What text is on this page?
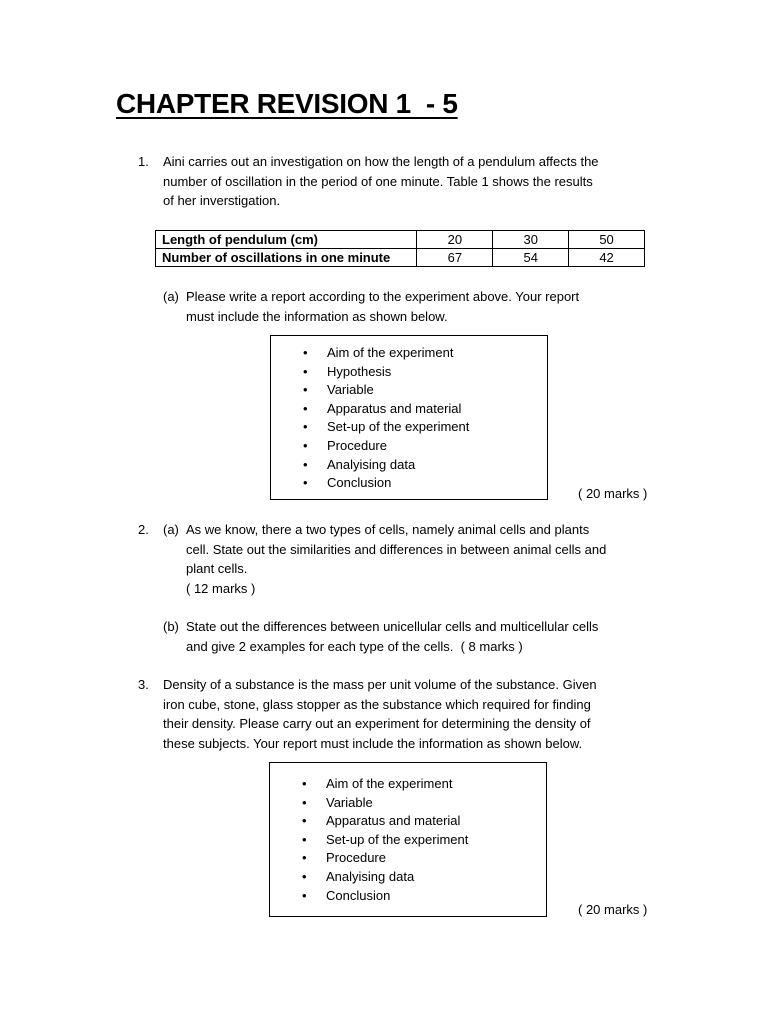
CHAPTER REVISION 1  - 5
1. Aini carries out an investigation on how the length of a pendulum affects the
number of oscillation in the period of one minute. Table 1 shows the results
of her inverstigation.
Length of pendulum (cm)	20	30	50
Number of oscillations in one minute	67	54	42
(a) Please write a report according to the experiment above. Your report
must include the information as shown below.
• Aim of the experiment
• Hypothesis
• Variable
• Apparatus and material
• Set-up of the experiment
• Procedure
• Analyising data
• Conclusion
( 20 marks )
2. (a) As we know, there a two types of cells, namely animal cells and plants
cell. State out the similarities and differences in between animal cells and
plant cells.
( 12 marks )
(b) State out the differences between unicellular cells and multicellular cells
and give 2 examples for each type of the cells.  ( 8 marks )
3. Density of a substance is the mass per unit volume of the substance. Given
iron cube, stone, glass stopper as the substance which required for finding
their density. Please carry out an experiment for determining the density of
these subjects. Your report must include the information as shown below.
• Aim of the experiment
• Variable
• Apparatus and material
• Set-up of the experiment
• Procedure
• Analyising data
• Conclusion
( 20 marks )
